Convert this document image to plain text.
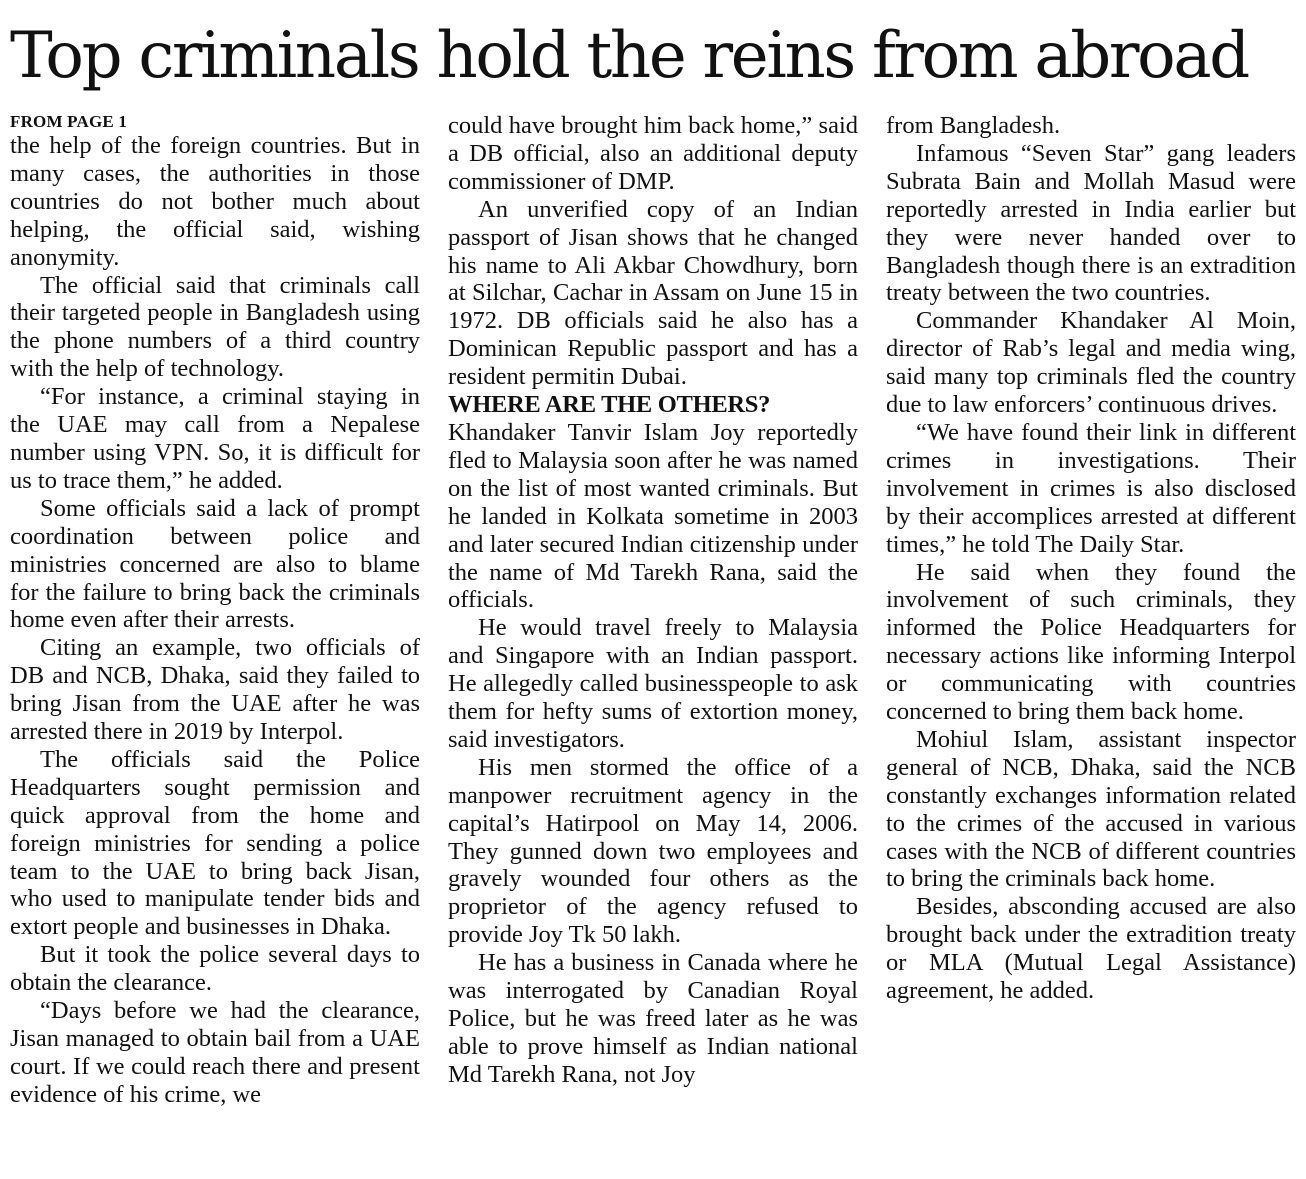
Top criminals hold the reins from abroad
FROM PAGE 1

the help of the foreign countries. But in many cases, the authorities in those countries do not bother much about helping, the official said, wishing anonymity.

The official said that criminals call their targeted people in Bangladesh using the phone numbers of a third country with the help of technology.

“For instance, a criminal staying in the UAE may call from a Nepalese number using VPN. So, it is difficult for us to trace them,” he added.

Some officials said a lack of prompt coordination between police and ministries concerned are also to blame for the failure to bring back the criminals home even after their arrests.

Citing an example, two officials of DB and NCB, Dhaka, said they failed to bring Jisan from the UAE after he was arrested there in 2019 by Interpol.

The officials said the Police Headquarters sought permission and quick approval from the home and foreign ministries for sending a police team to the UAE to bring back Jisan, who used to manipulate tender bids and extort people and businesses in Dhaka.

But it took the police several days to obtain the clearance.

“Days before we had the clearance, Jisan managed to obtain bail from a UAE court. If we could reach there and present evidence of his crime, we

could have brought him back home,” said a DB official, also an additional deputy commissioner of DMP.

An unverified copy of an Indian passport of Jisan shows that he changed his name to Ali Akbar Chowdhury, born at Silchar, Cachar in Assam on June 15 in 1972. DB officials said he also has a Dominican Republic passport and has a resident permitin Dubai.

WHERE ARE THE OTHERS?

Khandaker Tanvir Islam Joy reportedly fled to Malaysia soon after he was named on the list of most wanted criminals. But he landed in Kolkata sometime in 2003 and later secured Indian citizenship under the name of Md Tarekh Rana, said the officials.

He would travel freely to Malaysia and Singapore with an Indian passport. He allegedly called businesspeople to ask them for hefty sums of extortion money, said investigators.

His men stormed the office of a manpower recruitment agency in the capital’s Hatirpool on May 14, 2006. They gunned down two employees and gravely wounded four others as the proprietor of the agency refused to provide Joy Tk 50 lakh.

He has a business in Canada where he was interrogated by Canadian Royal Police, but he was freed later as he was able to prove himself as Indian national Md Tarekh Rana, not Joy

from Bangladesh.

Infamous “Seven Star” gang leaders Subrata Bain and Mollah Masud were reportedly arrested in India earlier but they were never handed over to Bangladesh though there is an extradition treaty between the two countries.

Commander Khandaker Al Moin, director of Rab’s legal and media wing, said many top criminals fled the country due to law enforcers’ continuous drives.

“We have found their link in different crimes in investigations. Their involvement in crimes is also disclosed by their accomplices arrested at different times,” he told The Daily Star.

He said when they found the involvement of such criminals, they informed the Police Headquarters for necessary actions like informing Interpol or communicating with countries concerned to bring them back home.

Mohiul Islam, assistant inspector general of NCB, Dhaka, said the NCB constantly exchanges information related to the crimes of the accused in various cases with the NCB of different countries to bring the criminals back home.

Besides, absconding accused are also brought back under the extradition treaty or MLA (Mutual Legal Assistance) agreement, he added.
